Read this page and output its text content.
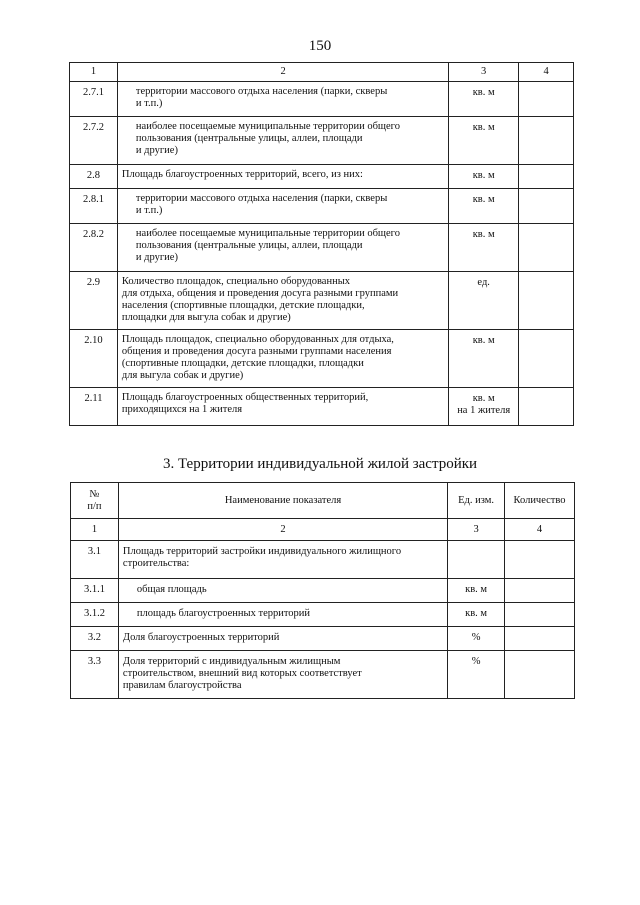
150
1	2	3	4
2.7.1	территории массового отдыха населения (парки, скверы
и т.п.)	кв. м	
2.7.2	наиболее посещаемые муниципальные территории общего
пользования (центральные улицы, аллеи, площади
и другие)	кв. м	
2.8	Площадь благоустроенных территорий, всего, из них:	кв. м	
2.8.1	территории массового отдыха населения (парки, скверы
и т.п.)	кв. м	
2.8.2	наиболее посещаемые муниципальные территории общего
пользования (центральные улицы, аллеи, площади
и другие)	кв. м	
2.9	Количество площадок, специально оборудованных
для отдыха, общения и проведения досуга разными группами
населения (спортивные площадки, детские площадки,
площадки для выгула собак и другие)	ед.	
2.10	Площадь площадок, специально оборудованных для отдыха,
общения и проведения досуга разными группами населения
(спортивные площадки, детские площадки, площадки
для выгула собак и другие)	кв. м	
2.11	Площадь благоустроенных общественных территорий,
приходящихся на 1 жителя	кв. м
на 1 жителя	
3. Территории индивидуальной жилой застройки
№
п/п	Наименование показателя	Ед. изм.	Количество
1	2	3	4
3.1	Площадь территорий застройки индивидуального жилищного
строительства:		

3.1.1	общая площадь	кв. м	
3.1.2	площадь благоустроенных территорий	кв. м	
3.2	Доля благоустроенных территорий	%	
3.3	Доля территорий с индивидуальным жилищным
строительством, внешний вид которых соответствует
правилам благоустройства	%	
